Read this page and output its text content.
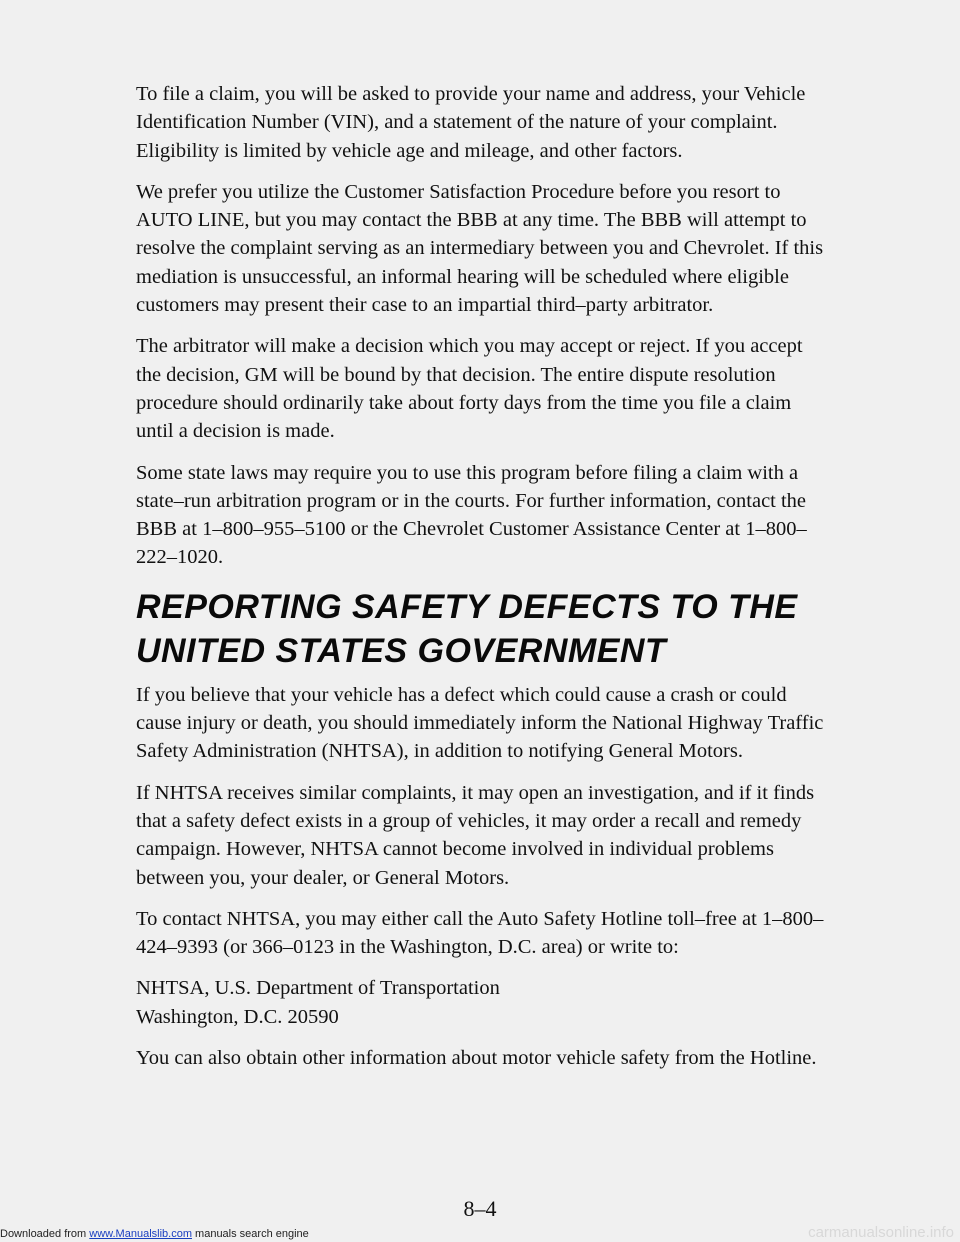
To file a claim, you will be asked to provide your name and address, your Vehicle Identification Number (VIN), and a statement of the nature of your complaint. Eligibility is limited by vehicle age and mileage, and other factors.

We prefer you utilize the Customer Satisfaction Procedure before you resort to AUTO LINE, but you may contact the BBB at any time. The BBB will attempt to resolve the complaint serving as an intermediary between you and Chevrolet. If this mediation is unsuccessful, an informal hearing will be scheduled where eligible customers may present their case to an impartial third–party arbitrator.

The arbitrator will make a decision which you may accept or reject. If you accept the decision, GM will be bound by that decision. The entire dispute resolution procedure should ordinarily take about forty days from the time you file a claim until a decision is made.

Some state laws may require you to use this program before filing a claim with a state–run arbitration program or in the courts. For further information, contact the BBB at 1–800–955–5100 or the Chevrolet Customer Assistance Center at 1–800–222–1020.

REPORTING SAFETY DEFECTS TO THE
UNITED STATES GOVERNMENT

If you believe that your vehicle has a defect which could cause a crash or could cause injury or death, you should immediately inform the National Highway Traffic Safety Administration (NHTSA), in addition to notifying General Motors.

If NHTSA receives similar complaints, it may open an investigation, and if it finds that a safety defect exists in a group of vehicles, it may order a recall and remedy campaign. However, NHTSA cannot become involved in individual problems between you, your dealer, or General Motors.

To contact NHTSA, you may either call the Auto Safety Hotline toll–free at 1–800–424–9393 (or 366–0123 in the Washington, D.C. area) or write to:

NHTSA, U.S. Department of Transportation
Washington, D.C. 20590

You can also obtain other information about motor vehicle safety from the Hotline.

8–4
Downloaded from www.Manualslib.com manuals search engine	carmanualsonline.info
